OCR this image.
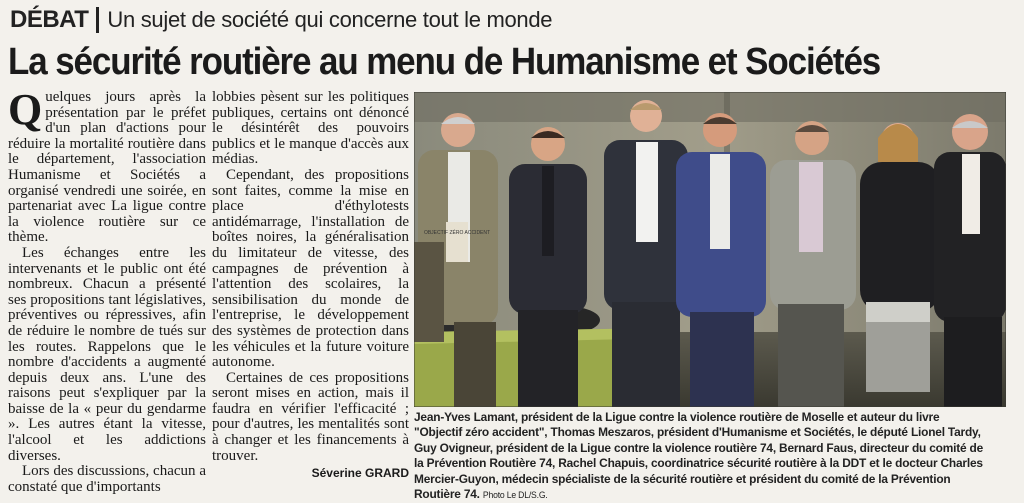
DÉBAT Un sujet de société qui concerne tout le monde
La sécurité routière au menu de Humanisme et Sociétés

Quelques jours après la présentation par le préfet d'un plan d'actions pour réduire la mortalité routière dans le département, l'association Humanisme et Sociétés a organisé vendredi une soirée, en partenariat avec La ligue contre la violence routière sur ce thème.

Les échanges entre les intervenants et le public ont été nombreux. Chacun a présenté ses propositions tant législatives, préventives ou répressives, afin de réduire le nombre de tués sur les routes. Rappelons que le nombre d'accidents a augmenté depuis deux ans. L'une des raisons peut s'expliquer par la baisse de la « peur du gendarme ». Les autres étant la vitesse, l'alcool et les addictions diverses.

Lors des discussions, chacun a constaté que d'importants

lobbies pèsent sur les politiques publiques, certains ont dénoncé le désintérêt des pouvoirs publics et le manque d'accès aux médias.

Cependant, des propositions sont faites, comme la mise en place d'éthylotests antidémarrage, l'installation de boîtes noires, la généralisation du limitateur de vitesse, des campagnes de prévention à l'attention des scolaires, la sensibilisation du monde de l'entreprise, le développement des systèmes de protection dans les véhicules et la future voiture autonome.

Certaines de ces propositions seront mises en action, mais il faudra en vérifier l'efficacité ; pour d'autres, les mentalités sont à changer et les financements à trouver.

Séverine GRARD
OBJECTIF ZÉRO ACCIDENT
Jean-Yves Lamant, président de la Ligue contre la violence routière de Moselle et auteur du livre "Objectif zéro accident", Thomas Meszaros, président d'Humanisme et Sociétés, le député Lionel Tardy, Guy Ovigneur, président de la Ligue contre la violence routière 74, Bernard Faus, directeur du comité de la Prévention Routière 74, Rachel Chapuis, coordinatrice sécurité routière à la DDT et le docteur Charles Mercier-Guyon, médecin spécialiste de la sécurité routière et président du comité de la Prévention Routière 74. Photo Le DL/S.G.
